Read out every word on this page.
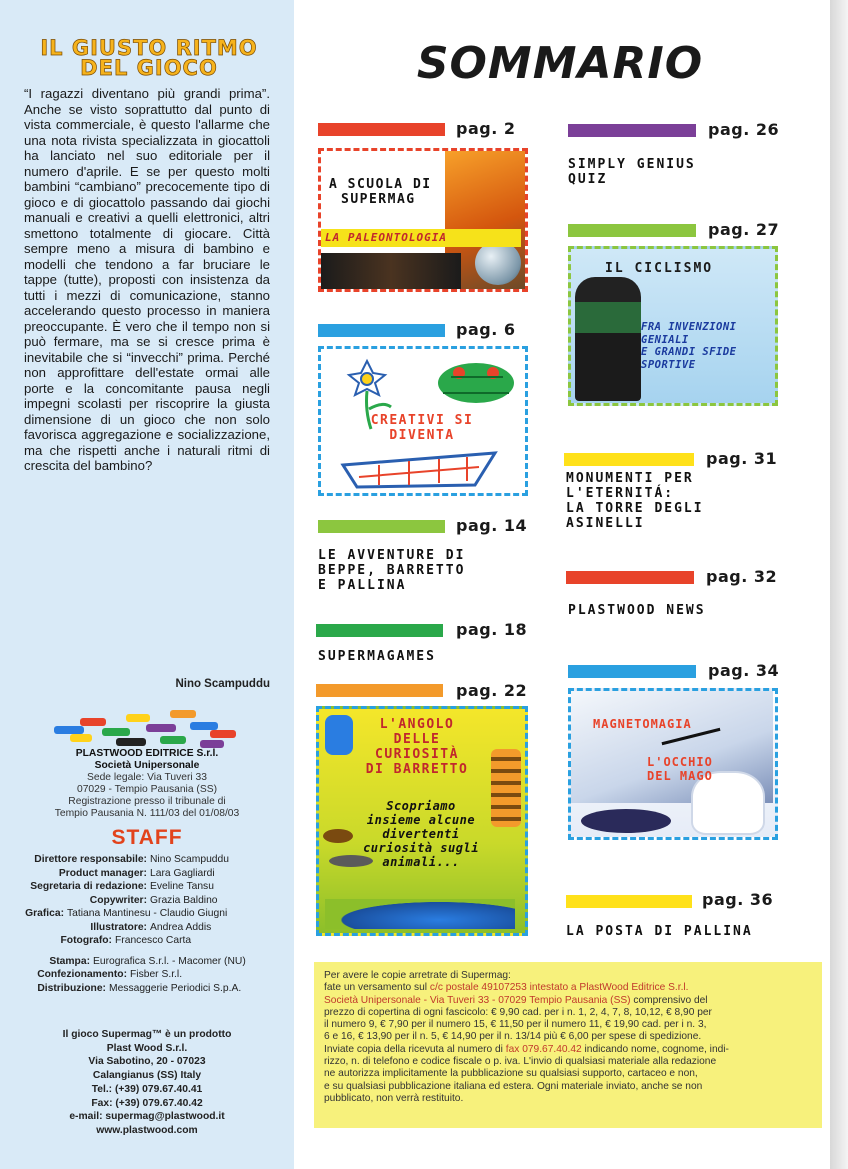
IL GIUSTO RITMO
DEL GIOCO
“I ragazzi diventano più grandi prima”. Anche se visto soprattutto dal punto di vista commerciale, è questo l'allarme che una nota rivista specializzata in giocattoli ha lanciato nel suo editoriale per il numero d'aprile. E se per questo molti bambini “cambiano” precocemente tipo di gioco e di giocattolo passando dai giochi manuali e creativi a quelli elettronici, altri smettono totalmente di giocare. Città sempre meno a misura di bambino e modelli che tendono a far bruciare le tappe (tutte), proposti con insistenza da tutti i mezzi di comunicazione, stanno accelerando questo processo in maniera preoccupante. È vero che il tempo non si può fermare, ma se si cresce prima è inevitabile che si “invecchi” prima. Perché non approfittare dell'estate ormai alle porte e la concomitante pausa negli impegni scolasti per riscoprire la giusta dimensione di un gioco che non solo favorisca aggregazione e socializzazione, ma che rispetti anche i naturali ritmi di crescita del bambino?
Nino Scampuddu
PLASTWOOD EDITRICE S.r.l.
Società Unipersonale
Sede legale: Via Tuveri 33
07029 - Tempio Pausania (SS)
Registrazione presso il tribunale di
Tempio Pausania N. 111/03 del 01/08/03
STAFF
Direttore responsabile: Nino Scampuddu
Product manager: Lara Gagliardi
Segretaria di redazione: Eveline Tansu
Copywriter: Grazia Baldino
Grafica: Tatiana Mantinesu - Claudio Giugni
Illustratore: Andrea Addis
Fotografo: Francesco Carta
Stampa: Eurografica S.r.l. - Macomer (NU)
Confezionamento: Fisber S.r.l.
Distribuzione: Messaggerie Periodici S.p.A.
Il gioco Supermag™ è un prodotto
Plast Wood S.r.l.
Via Sabotino, 20 - 07023
Calangianus (SS) Italy
Tel.: (+39) 079.67.40.41
Fax: (+39) 079.67.40.42
e-mail: supermag@plastwood.it
www.plastwood.com
SOMMARIO
pag. 2
A SCUOLA DI
SUPERMAG
LA PALEONTOLOGIA
pag. 6
CREATIVI SI
DIVENTA
pag. 14
LE AVVENTURE DI
BEPPE, BARRETTO
E PALLINA
pag. 18
SUPERMAGAMES
pag. 22
L'ANGOLO
DELLE
CURIOSITÀ
DI BARRETTO
Scopriamo
insieme alcune
divertenti
curiosità sugli
animali...
pag. 26
SIMPLY GENIUS
QUIZ
pag. 27
IL CICLISMO
FRA INVENZIONI
GENIALI
E GRANDI SFIDE
SPORTIVE
pag. 31
MONUMENTI PER
L'ETERNITÁ:
LA TORRE DEGLI
ASINELLI
pag. 32
PLASTWOOD NEWS
pag. 34
MAGNETOMAGIA
L'OCCHIO
DEL MAGO
pag. 36
LA POSTA DI PALLINA
Per avere le copie arretrate di Supermag:
fate un versamento sul c/c postale 49107253 intestato a PlastWood Editrice S.r.l.
Società Unipersonale - Via Tuveri 33 - 07029 Tempio Pausania (SS) comprensivo del
prezzo di copertina di ogni fascicolo: € 9,90 cad. per i n. 1, 2, 4, 7, 8, 10,12, € 8,90 per
il numero 9, € 7,90 per il numero 15, € 11,50 per il numero 11, € 19,90 cad. per i n. 3,
6 e 16, € 13,90 per il n. 5, € 14,90 per il n. 13/14 più € 6,00 per spese di spedizione.
Inviate copia della ricevuta al numero di fax 079.67.40.42 indicando nome, cognome, indi-
rizzo, n. di telefono e codice fiscale o p. iva. L'invio di qualsiasi materiale alla redazione
ne autorizza implicitamente la pubblicazione su qualsiasi supporto, cartaceo e non,
e su qualsiasi pubblicazione italiana ed estera. Ogni materiale inviato, anche se non
pubblicato, non verrà restituito.
